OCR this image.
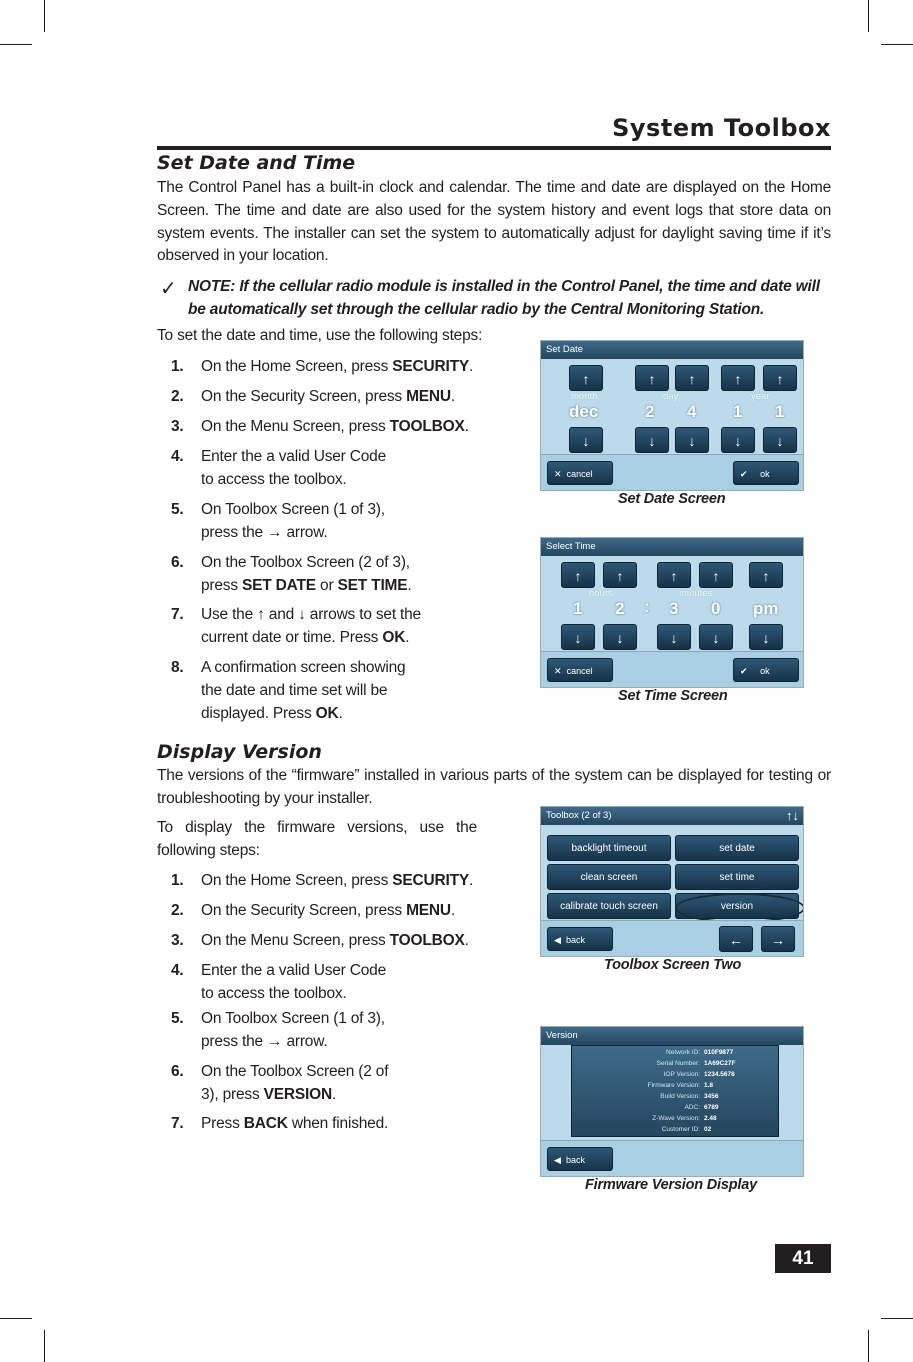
System Toolbox
Set Date and Time
The Control Panel has a built-in clock and calendar. The time and date are displayed on the Home Screen. The time and date are also used for the system history and event logs that store data on system events. The installer can set the system to automatically adjust for daylight saving time if it’s observed in your location.
✓ NOTE: If the cellular radio module is installed in the Control Panel, the time and date will be automatically set through the cellular radio by the Central Monitoring Station.
To set the date and time, use the following steps:
1. On the Home Screen, press SECURITY.
2. On the Security Screen, press MENU.
3. On the Menu Screen, press TOOLBOX.
4. Enter the a valid User Code to access the toolbox.
5. On Toolbox Screen (1 of 3), press the → arrow.
6. On the Toolbox Screen (2 of 3), press SET DATE or SET TIME.
7. Use the ↑ and ↓ arrows to set the current date or time. Press OK.
8. A confirmation screen showing the date and time set will be displayed. Press OK.
Set Date
↑	↑	↑	↑	↑
month	day	year
dec	2 4 1 1
↓	↓	↓	↓	↓
✕ cancel	✔ ok
Set Date Screen
Select Time
↑	↑	↑	↑	↑
hours	minutes
1 2 : 3 0 pm
↓	↓	↓	↓	↓
✕ cancel	✔ ok
Set Time Screen
Display Version
The versions of the “firmware” installed in various parts of the system can be displayed for testing or troubleshooting by your installer.
To display the firmware versions, use the following steps:
1. On the Home Screen, press SECURITY.
2. On the Security Screen, press MENU.
3. On the Menu Screen, press TOOLBOX.
4. Enter the a valid User Code to access the toolbox.
5. On Toolbox Screen (1 of 3), press the → arrow.
6. On the Toolbox Screen (2 of 3), press VERSION.
7. Press BACK when finished.
Toolbox (2 of 3)	↑↓
backlight timeout	set date
clean screen	set time
calibrate touch screen	version
◀ back	←	→
Toolbox Screen Two
Version
Network ID: 010F9877
Serial Number: 1A69C27F
IOP Version: 1234.5678
Firmware Version: 1.8
Build Version: 3456
ADC: 6789
Z-Wave Version: 2.48
Customer ID: 02
◀ back
Firmware Version Display
41
